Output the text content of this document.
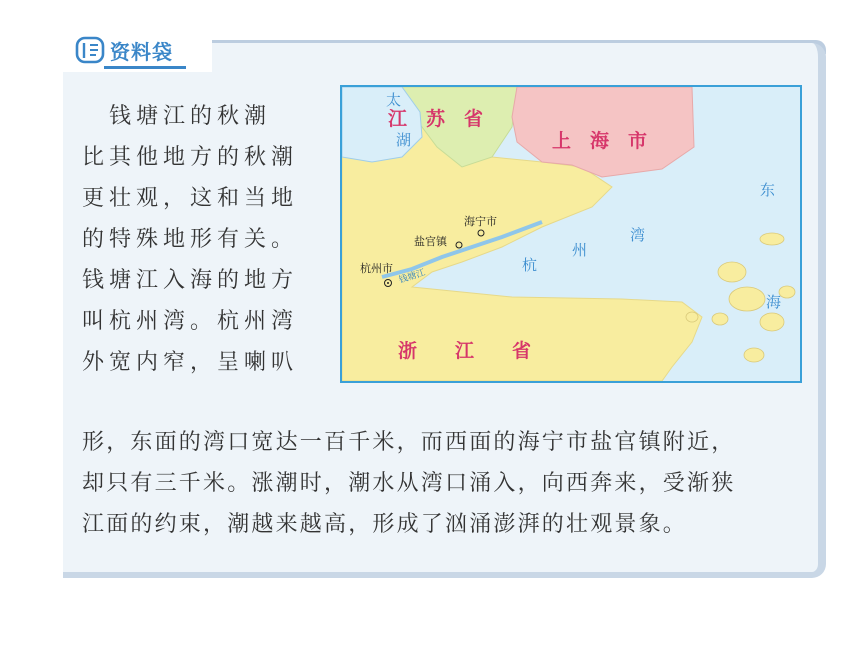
资料袋
　钱塘江的秋潮
比其他地方的秋潮
更壮观，这和当地
的特殊地形有关。
钱塘江入海的地方
叫杭州湾。杭州湾
外宽内窄，呈喇叭
形，东面的湾口宽达一百千米，而西面的海宁市盐官镇附近，
却只有三千米。涨潮时，潮水从湾口涌入，向西奔来，受渐狭
江面的约束，潮越来越高，形成了汹涌澎湃的壮观景象。
江　苏　省
上　海　市
浙　　江　　省
太
湖
东
海
杭
州
湾
海宁市
盐官镇
杭州市 钱塘江
